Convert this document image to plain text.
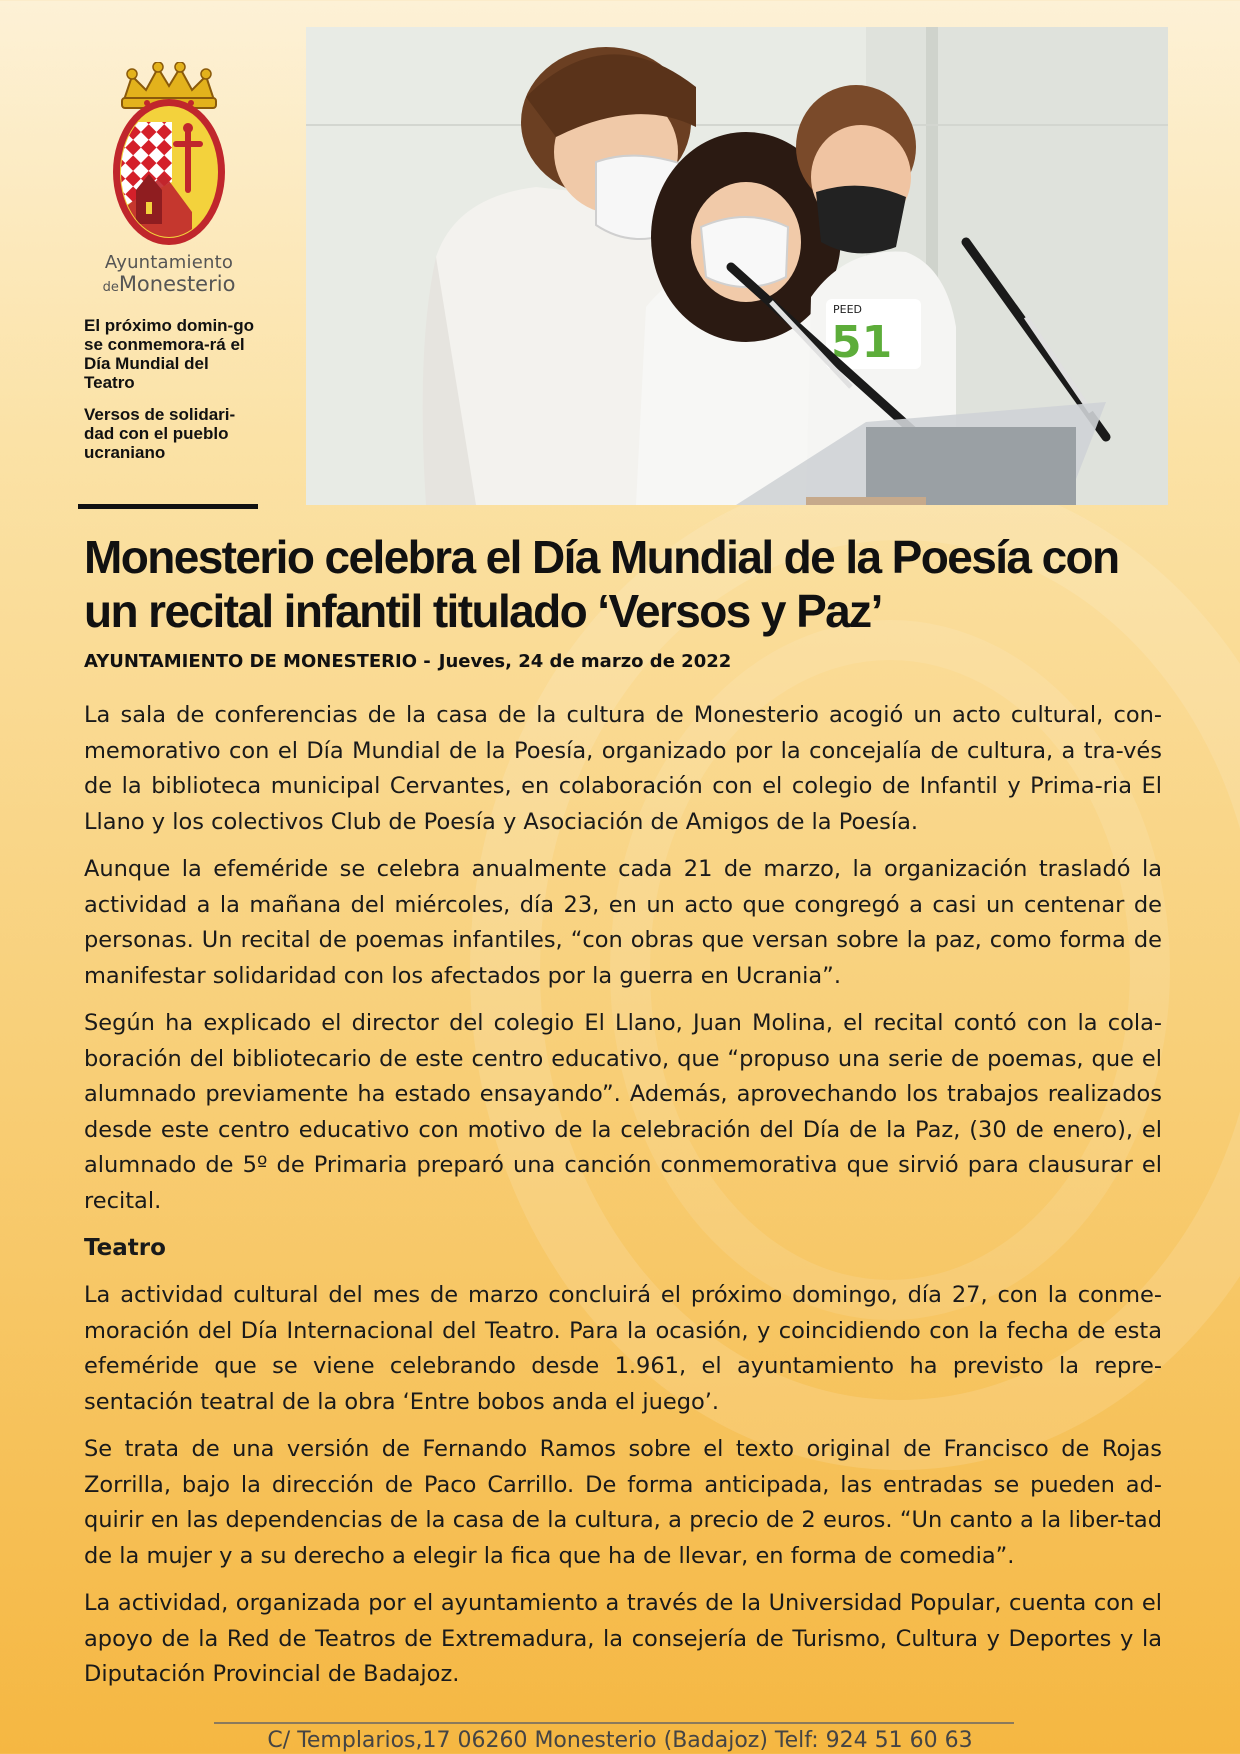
Ayuntamiento
deMonesterio

El próximo domin-go se conmemora-rá el Día Mundial del Teatro

Versos de solidari-dad con el pueblo ucraniano

PEED
51
Monesterio celebra el Día Mundial de la Poesía con un recital infantil titulado ‘Versos y Paz’

AYUNTAMIENTO DE MONESTERIO - Jueves, 24 de marzo de 2022

La sala de conferencias de la casa de la cultura de Monesterio acogió un acto cultural, con-memorativo con el Día Mundial de la Poesía, organizado por la concejalía de cultura, a tra-vés de la biblioteca municipal Cervantes, en colaboración con el colegio de Infantil y Prima-ria El Llano y los colectivos Club de Poesía y Asociación de Amigos de la Poesía.

Aunque la efeméride se celebra anualmente cada 21 de marzo, la organización trasladó la actividad a la mañana del miércoles, día 23, en un acto que congregó a casi un centenar de personas. Un recital de poemas infantiles, “con obras que versan sobre la paz, como forma de manifestar solidaridad con los afectados por la guerra en Ucrania”.

Según ha explicado el director del colegio El Llano, Juan Molina, el recital contó con la cola-boración del bibliotecario de este centro educativo, que “propuso una serie de poemas, que el alumnado previamente ha estado ensayando”. Además, aprovechando los trabajos realizados desde este centro educativo con motivo de la celebración del Día de la Paz, (30 de enero), el alumnado de 5º de Primaria preparó una canción conmemorativa que sirvió para clausurar el recital.

Teatro

La actividad cultural del mes de marzo concluirá el próximo domingo, día 27, con la conme-moración del Día Internacional del Teatro. Para la ocasión, y coincidiendo con la fecha de esta efeméride que se viene celebrando desde 1.961, el ayuntamiento ha previsto la repre-sentación teatral de la obra ‘Entre bobos anda el juego’.

Se trata de una versión de Fernando Ramos sobre el texto original de Francisco de Rojas Zorrilla, bajo la dirección de Paco Carrillo. De forma anticipada, las entradas se pueden ad-quirir en las dependencias de la casa de la cultura, a precio de 2 euros. “Un canto a la liber-tad de la mujer y a su derecho a elegir la fica que ha de llevar, en forma de comedia”.

La actividad, organizada por el ayuntamiento a través de la Universidad Popular, cuenta con el apoyo de la Red de Teatros de Extremadura, la consejería de Turismo, Cultura y Deportes y la Diputación Provincial de Badajoz.

C/ Templarios,17 06260 Monesterio (Badajoz) Telf: 924 51 60 63
